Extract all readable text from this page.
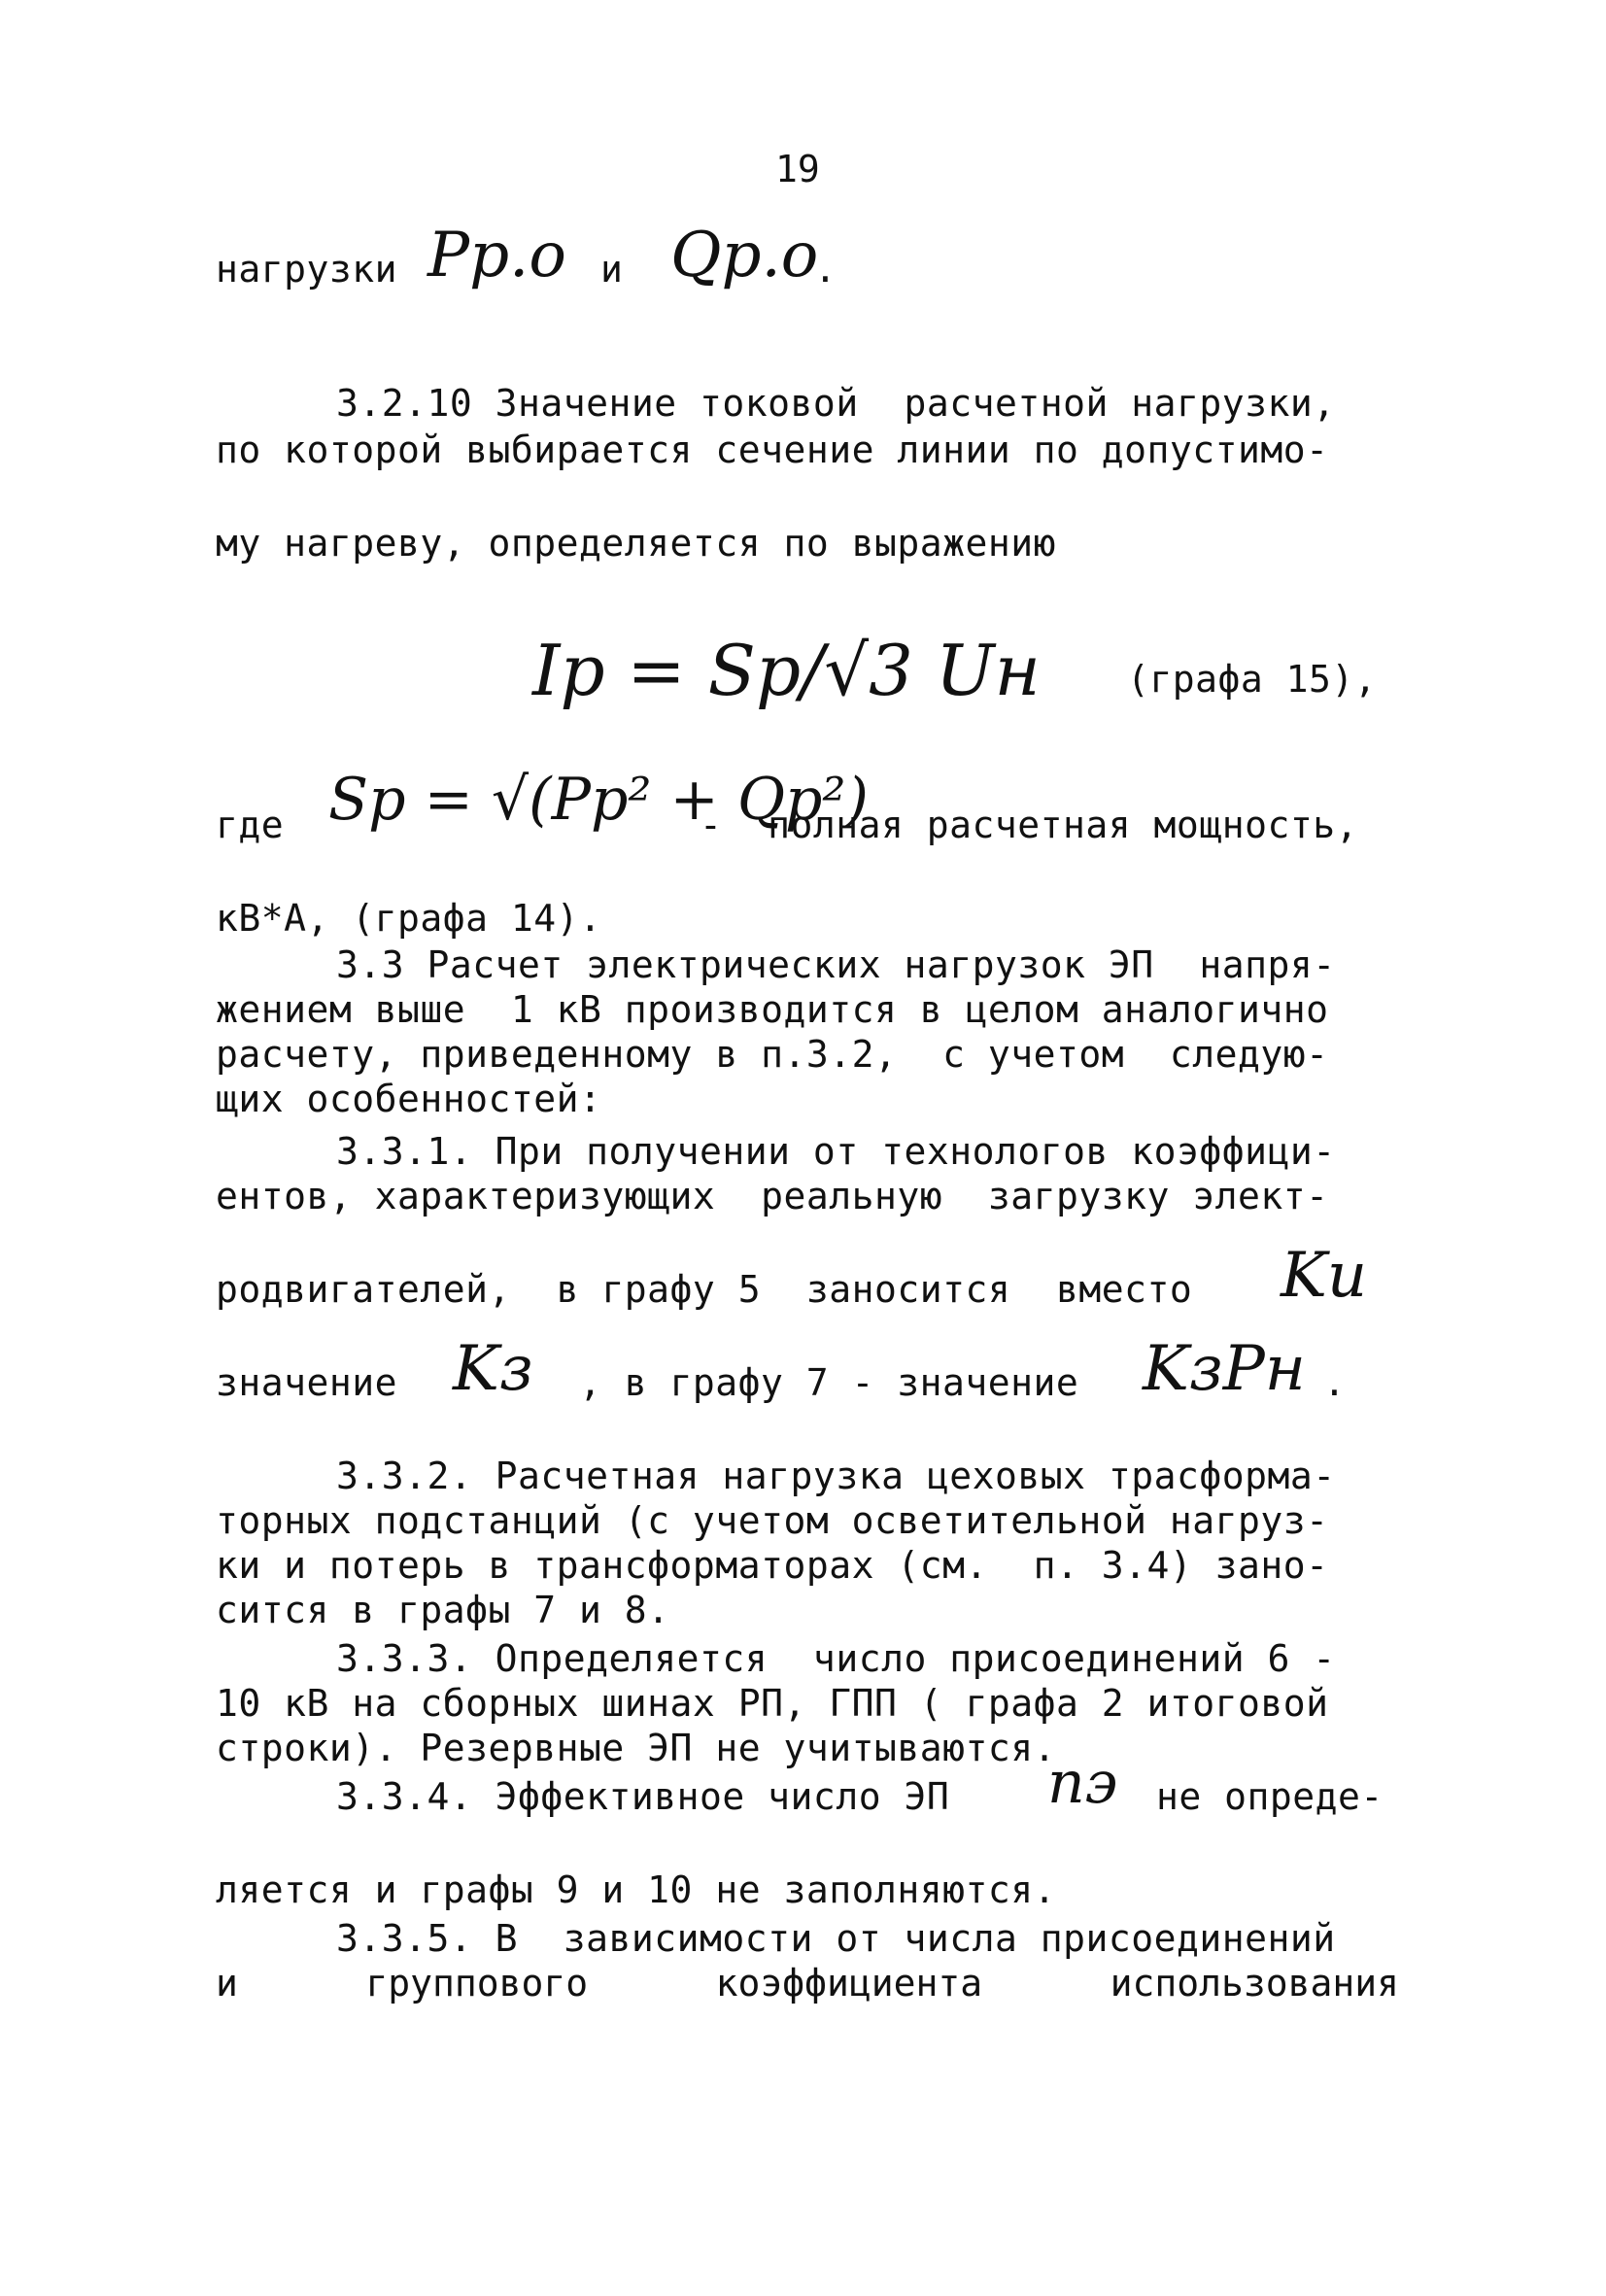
19
нагрузки Pр.о и Qр.о
.
3.2.10 Значение токовой  расчетной нагрузки,
по которой выбирается сечение линии по допустимо-
му нагреву, определяется по выражению
Iр = Sр/√3 Uн (графа 15),
где Sр = √(Pр² + Qр²)
-  полная расчетная мощность,
кВ*А, (графа 14).
3.3 Расчет электрических нагрузок ЭП  напря-
жением выше  1 кВ производится в целом аналогично
расчету, приведенному в п.3.2,  с учетом  следую-
щих особенностей:
3.3.1. При получении от технологов коэффици-
ентов, характеризующих  реальную  загрузку элект-
родвигателей,  в графу 5  заносится  вместо Kи
значение Kз , в графу 7 - значение KзPн .
3.3.2. Расчетная нагрузка цеховых трасформа-
торных подстанций (с учетом осветительной нагруз-
ки и потерь в трансформаторах (см.  п. 3.4) зано-
сится в графы 7 и 8.
3.3.3. Определяется  число присоединений 6 -
10 кВ на сборных шинах РП, ГПП ( графа 2 итоговой
строки). Резервные ЭП не учитываются.
3.3.4. Эффективное число ЭП nэ не опреде-
ляется и графы 9 и 10 не заполняются.
3.3.5. В  зависимости от числа присоединений
и	группового	коэффициента	использования
